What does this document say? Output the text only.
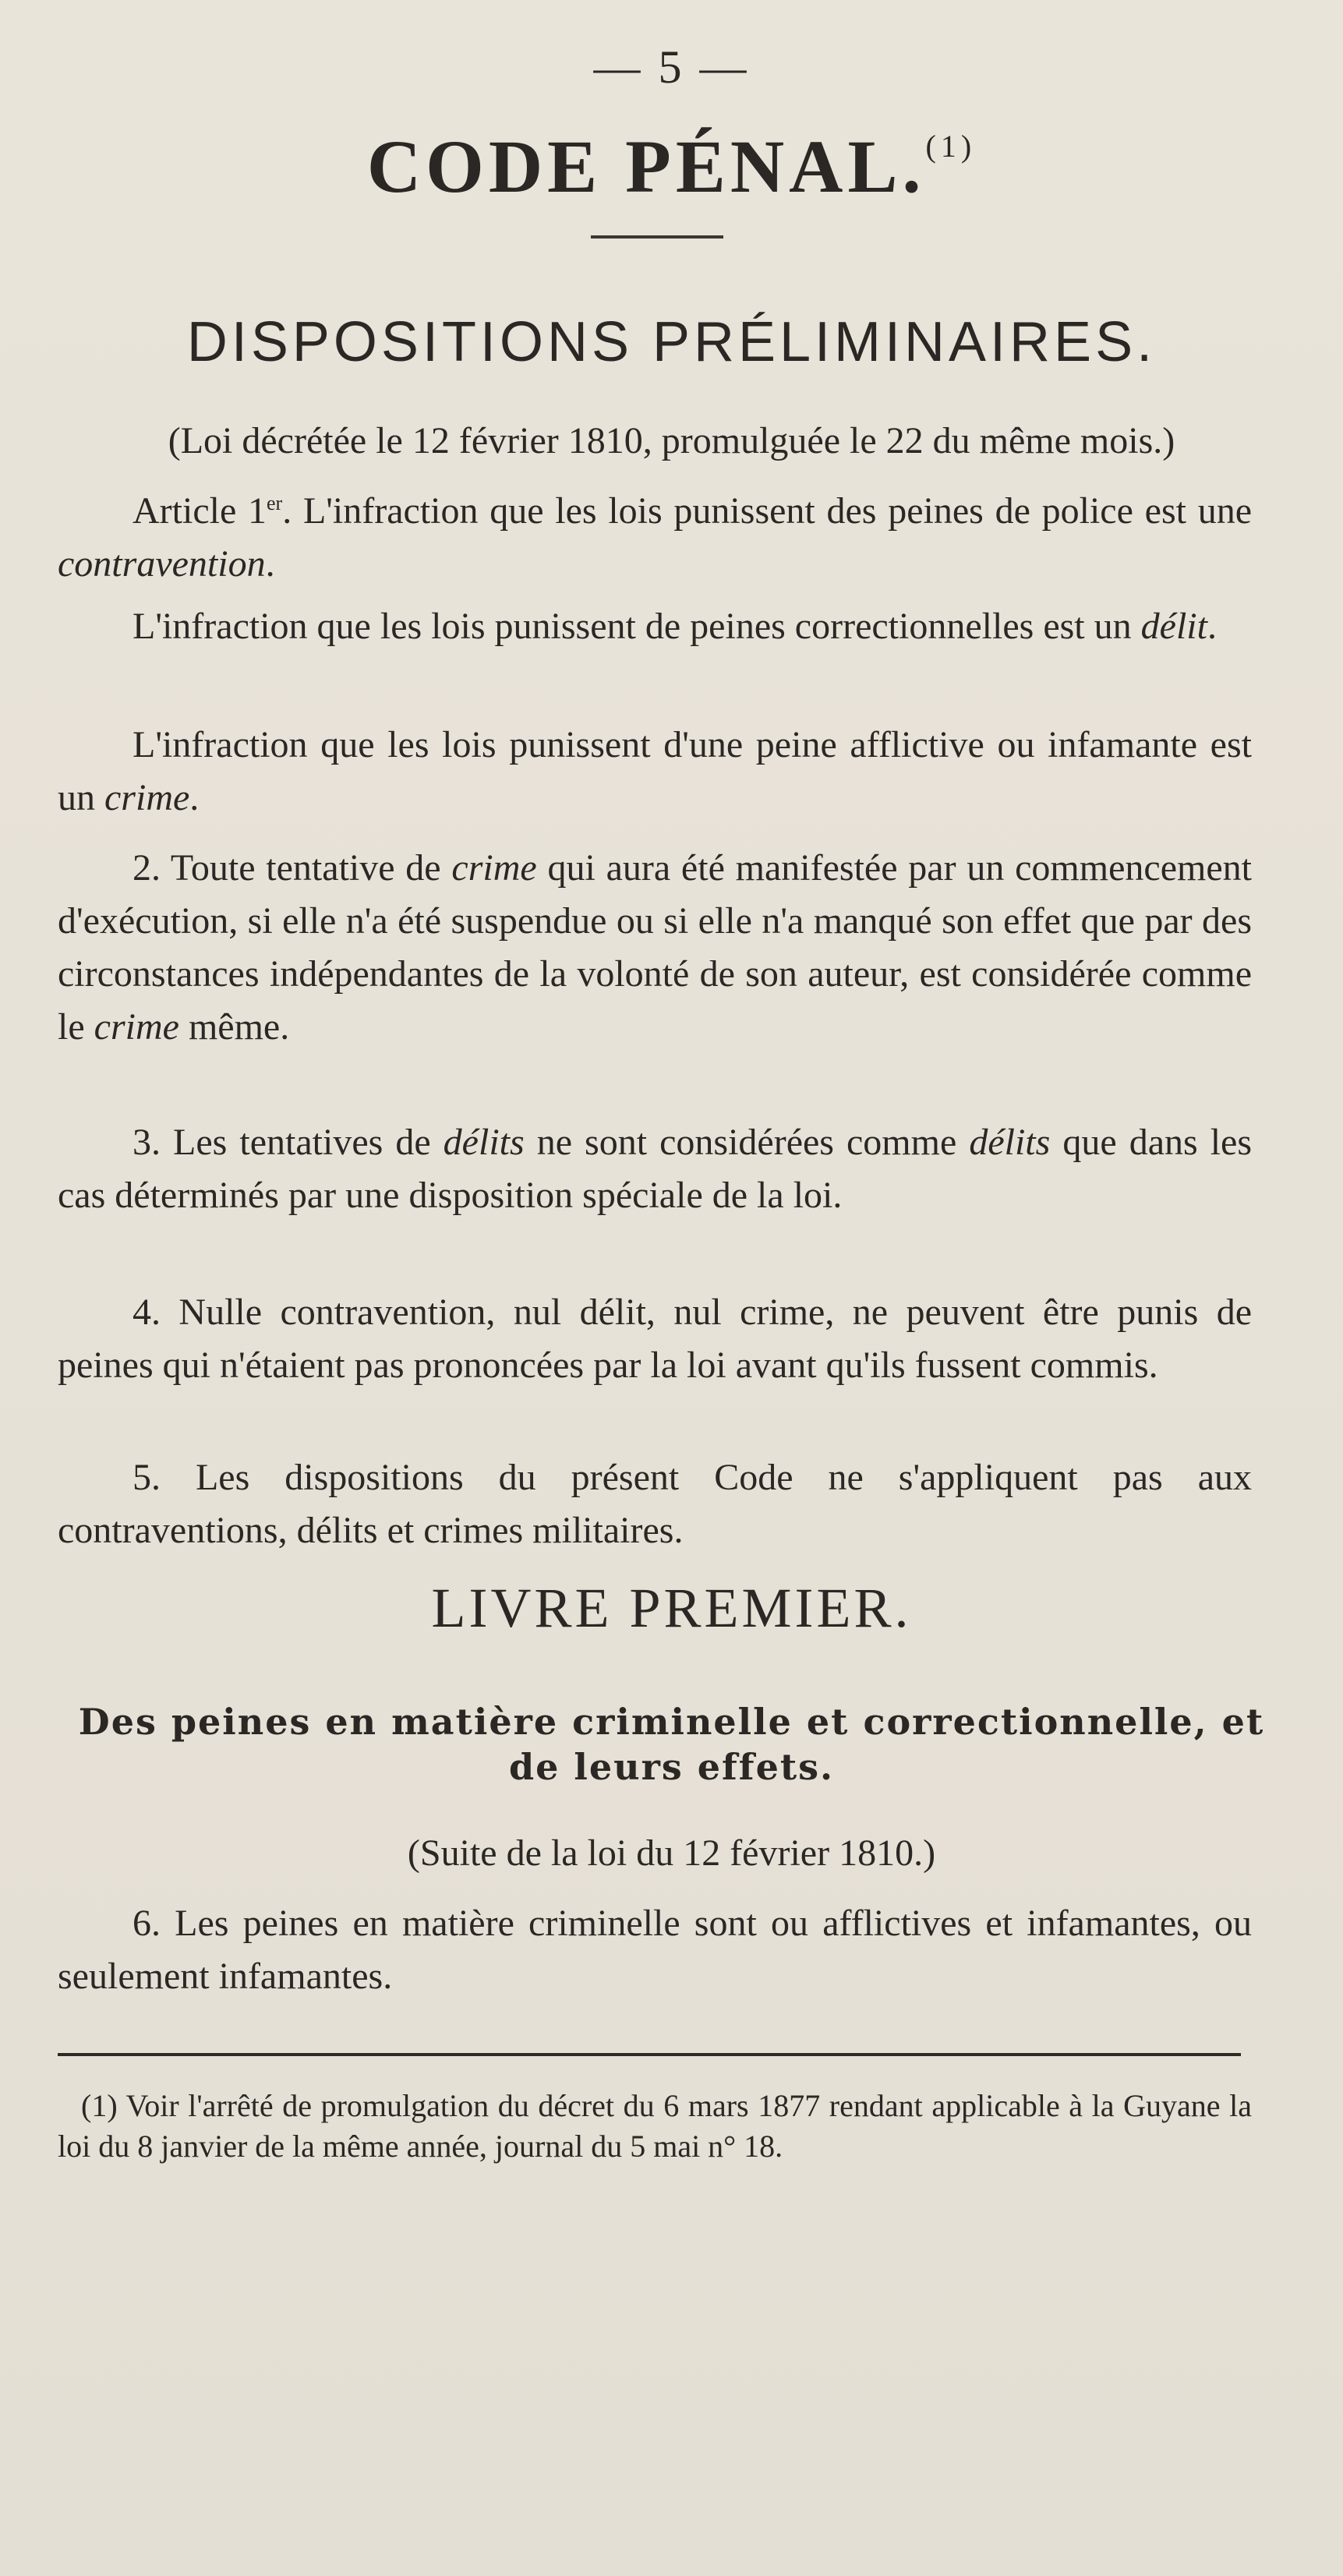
— 5 —
CODE PÉNAL.$^{(1)}$
DISPOSITIONS PRÉLIMINAIRES.
(Loi décrétée le 12 février 1810, promulguée le 22 du même mois.)

Article 1er. L'infraction que les lois punissent des peines de police est une contravention.

L'infraction que les lois punissent de peines correctionnelles est un délit.

L'infraction que les lois punissent d'une peine afflictive ou infamante est un crime.

2. Toute tentative de crime qui aura été manifestée par un commencement d'exécution, si elle n'a été suspendue ou si elle n'a manqué son effet que par des circonstances indépendantes de la volonté de son auteur, est considérée comme le crime même.

3. Les tentatives de délits ne sont considérées comme délits que dans les cas déterminés par une disposition spéciale de la loi.

4. Nulle contravention, nul délit, nul crime, ne peuvent être punis de peines qui n'étaient pas prononcées par la loi avant qu'ils fussent commis.

5. Les dispositions du présent Code ne s'appliquent pas aux contraventions, délits et crimes militaires.

LIVRE PREMIER.
Des peines en matière criminelle et correctionnelle, et de leurs effets.
(Suite de la loi du 12 février 1810.)

6. Les peines en matière criminelle sont ou afflictives et infamantes, ou seulement infamantes.

(1) Voir l'arrêté de promulgation du décret du 6 mars 1877 rendant applicable à la Guyane la loi du 8 janvier de la même année, journal du 5 mai n° 18.
